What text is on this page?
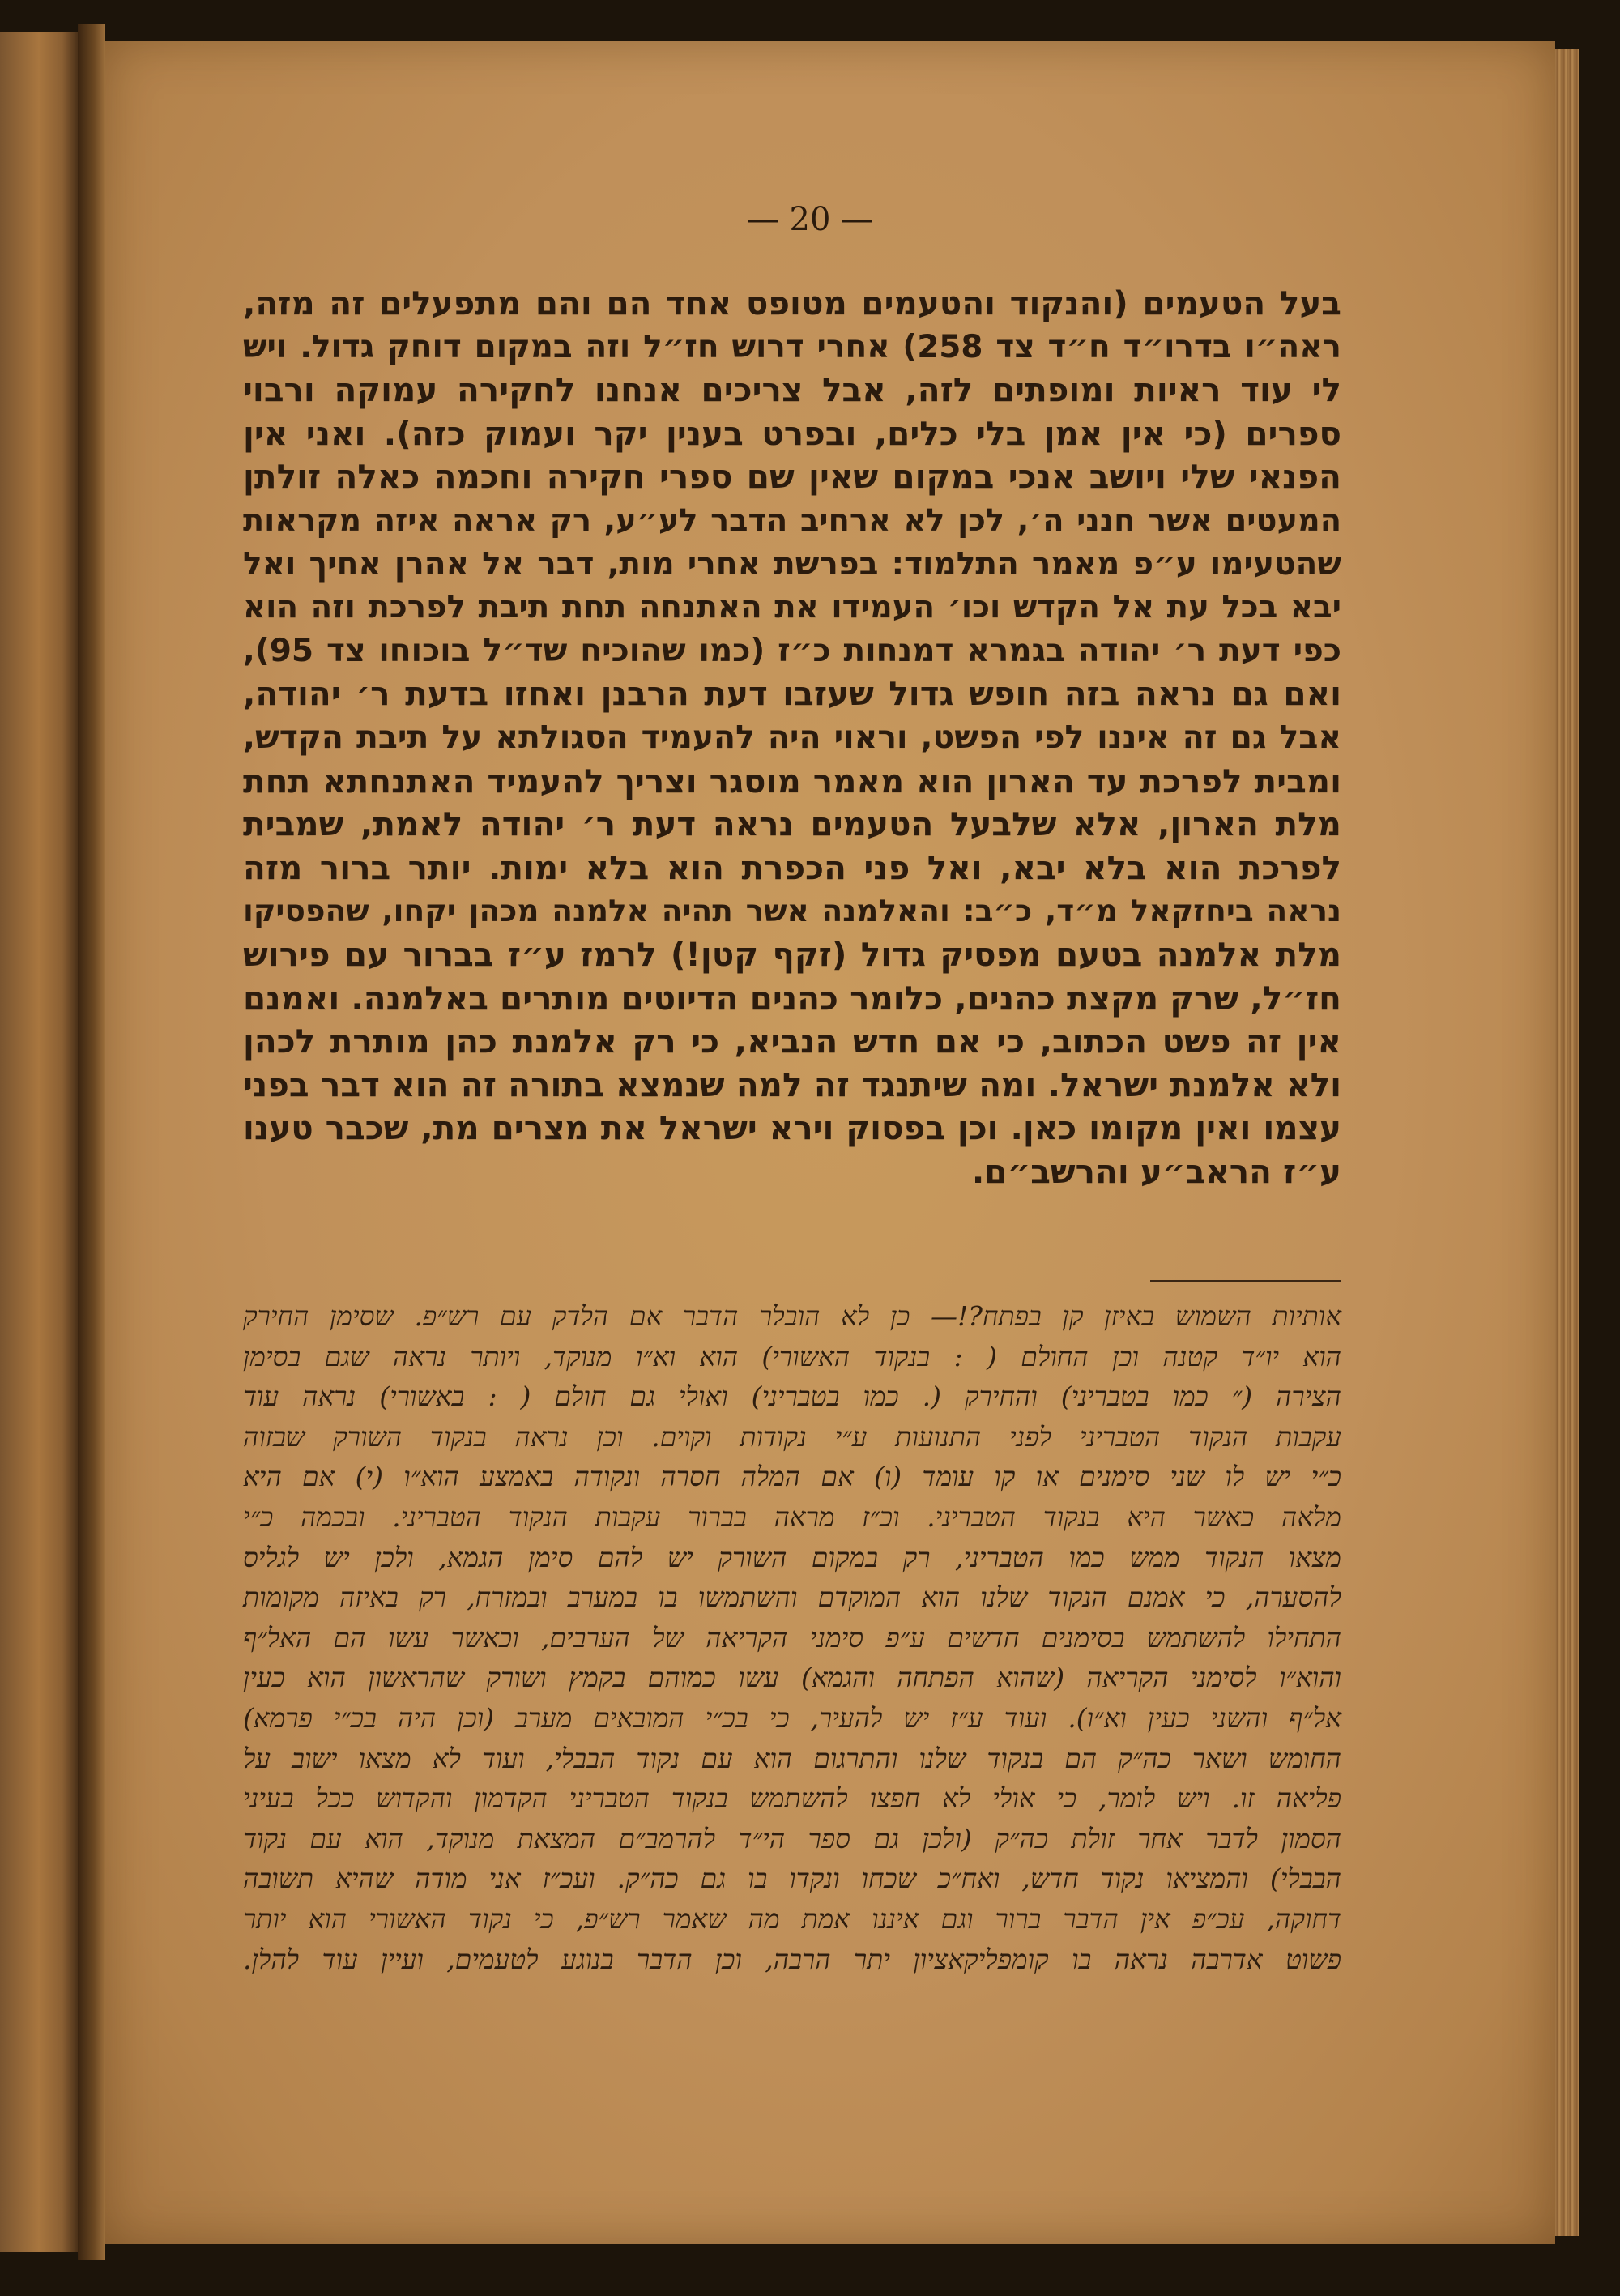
— 20 —
בעל הטעמים (והנקוד והטעמים מטופס אחד הם והם מתפעלים זה מזה,
ראה״ו בדרו״ד ח״ד צד 258) אחרי דרוש חז״ל וזה במקום דוחק גדול. ויש
לי עוד ראיות ומופתים לזה, אבל צריכים אנחנו לחקירה עמוקה ורבוי
ספרים (כי אין אמן בלי כלים, ובפרט בענין יקר ועמוק כזה). ואני אין
הפנאי שלי ויושב אנכי במקום שאין שם ספרי חקירה וחכמה כאלה זולתן
המעטים אשר חנני ה׳, לכן לא ארחיב הדבר לע״ע, רק אראה איזה מקראות
שהטעימו ע״פ מאמר התלמוד: בפרשת אחרי מות, דבר אל אהרן אחיך ואל
יבא בכל עת אל הקדש וכו׳ העמידו את האתנחה תחת תיבת לפרכת וזה הוא
כפי דעת ר׳ יהודה בגמרא דמנחות כ״ז (כמו שהוכיח שד״ל בוכוחו צד 95),
ואם גם נראה בזה חופש גדול שעזבו דעת הרבנן ואחזו בדעת ר׳ יהודה,
אבל גם זה איננו לפי הפשט, וראוי היה להעמיד הסגולתא על תיבת הקדש,
ומבית לפרכת עד הארון הוא מאמר מוסגר וצריך להעמיד האתנחתא תחת
מלת הארון, אלא שלבעל הטעמים נראה דעת ר׳ יהודה לאמת, שמבית
לפרכת הוא בלא יבא, ואל פני הכפרת הוא בלא ימות. יותר ברור מזה
נראה ביחזקאל מ״ד, כ״ב: והאלמנה אשר תהיה אלמנה מכהן יקחו, שהפסיקו
מלת אלמנה בטעם מפסיק גדול (זקף קטן!) לרמז ע״ז בברור עם פירוש
חז״ל, שרק מקצת כהנים, כלומר כהנים הדיוטים מותרים באלמנה. ואמנם
אין זה פשט הכתוב, כי אם חדש הנביא, כי רק אלמנת כהן מותרת לכהן
ולא אלמנת ישראל. ומה שיתנגד זה למה שנמצא בתורה זה הוא דבר בפני
עצמו ואין מקומו כאן. וכן בפסוק וירא ישראל את מצרים מת, שכבר טענו
ע״ז הראב״ע והרשב״ם.
אותיות השמוש באיזן קן בפתח?!— כן לא הובלר הדבר אם הלדק עם רש״פ. שסימן החירק
הוא יו״ד קטנה וכן החולם ( : בנקוד האשורי) הוא וא״ו מנוקד, ויותר נראה שגם בסימן
הצירה (״ כמו בטבריני) והחירק (. כמו בטבריני) ואולי גם חולם ( : באשורי) נראה עוד
עקבות הנקוד הטבריני לפני התנועות ע״י נקודות וקוים. וכן נראה בנקוד השורק שבזוה
כ״י יש לו שני סימנים או קו עומד (ו) אם המלה חסרה ונקודה באמצע הוא״ו (י) אם היא
מלאה כאשר היא בנקוד הטבריני. וכ״ז מראה בברור עקבות הנקוד הטבריני. ובכמה כ״י
מצאו הנקוד ממש כמו הטבריני, רק במקום השורק יש להם סימן הגמא, ולכן יש לגליס
להסערה, כי אמנם הנקוד שלנו הוא המוקדם והשתמשו בו במערב ובמזרח, רק באיזה מקומות
התחילו להשתמש בסימנים חדשים ע״פ סימני הקריאה של הערבים, וכאשר עשו הם האל״ף
והוא״ו לסימני הקריאה (שהוא הפתחה והגמא) עשו כמוהם בקמץ ושורק שהראשון הוא כעין
אל״ף והשני כעין וא״ו). ועוד ע״ז יש להעיר, כי בכ״י המובאים מערב (וכן היה בכ״י פרמא)
החומש ושאר כה״ק הם בנקוד שלנו והתרגום הוא עם נקוד הבבלי, ועוד לא מצאו ישוב על
פליאה זו. ויש לומר, כי אולי לא חפצו להשתמש בנקוד הטבריני הקדמון והקדוש ככל בעיני
הסמון לדבר אחר זולת כה״ק (ולכן גם ספר הי״ד להרמב״ם המצאת מנוקד, הוא עם נקוד
הבבלי) והמציאו נקוד חדש, ואח״כ שכחו ונקדו בו גם כה״ק. ועכ״ז אני מודה שהיא תשובה
דחוקה, עכ״פ אין הדבר ברור וגם איננו אמת מה שאמר רש״פ, כי נקוד האשורי הוא יותר
פשוט אדרבה נראה בו קומפליקאציון יתר הרבה, וכן הדבר בנוגע לטעמים, ועיין עוד להלן.
